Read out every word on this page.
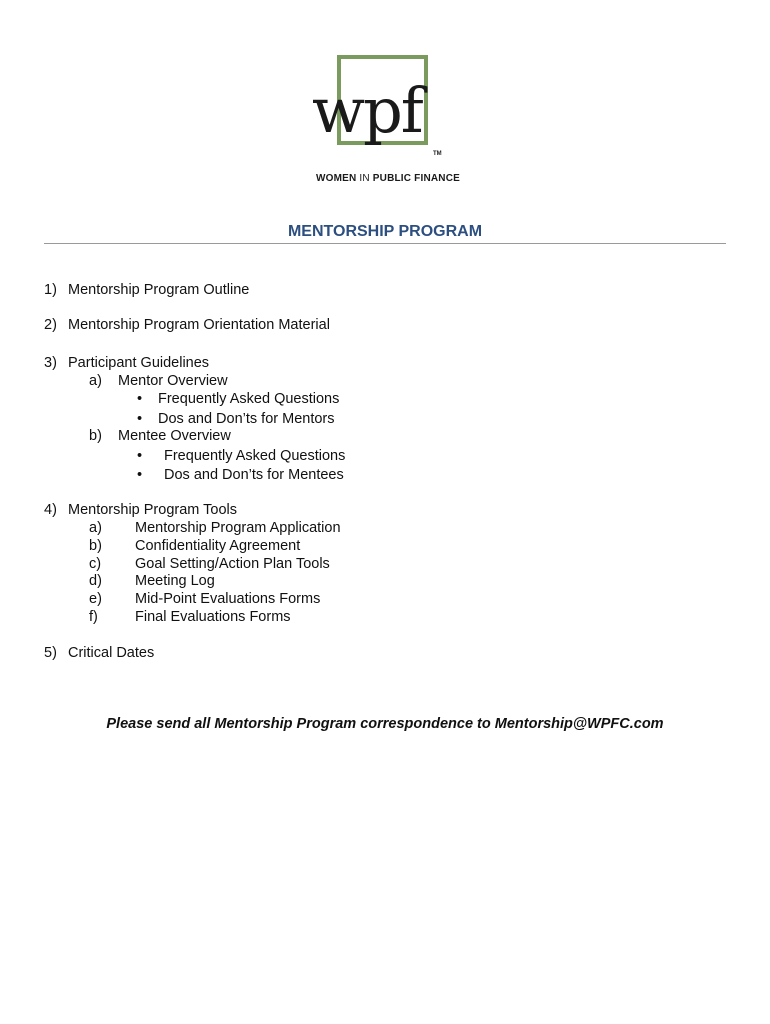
wpf
TM
WOMEN IN PUBLIC FINANCE
MENTORSHIP PROGRAM
1) Mentorship Program Outline
2) Mentorship Program Orientation Material
3) Participant Guidelines
a) Mentor Overview
• Frequently Asked Questions
• Dos and Don’ts for Mentors
b) Mentee Overview
• Frequently Asked Questions
• Dos and Don’ts for Mentees
4) Mentorship Program Tools
a) Mentorship Program Application
b) Confidentiality Agreement
c) Goal Setting/Action Plan Tools
d) Meeting Log
e) Mid-Point Evaluations Forms
f)	Final Evaluations Forms
5) Critical Dates
Please send all Mentorship Program correspondence to Mentorship@WPFC.com
